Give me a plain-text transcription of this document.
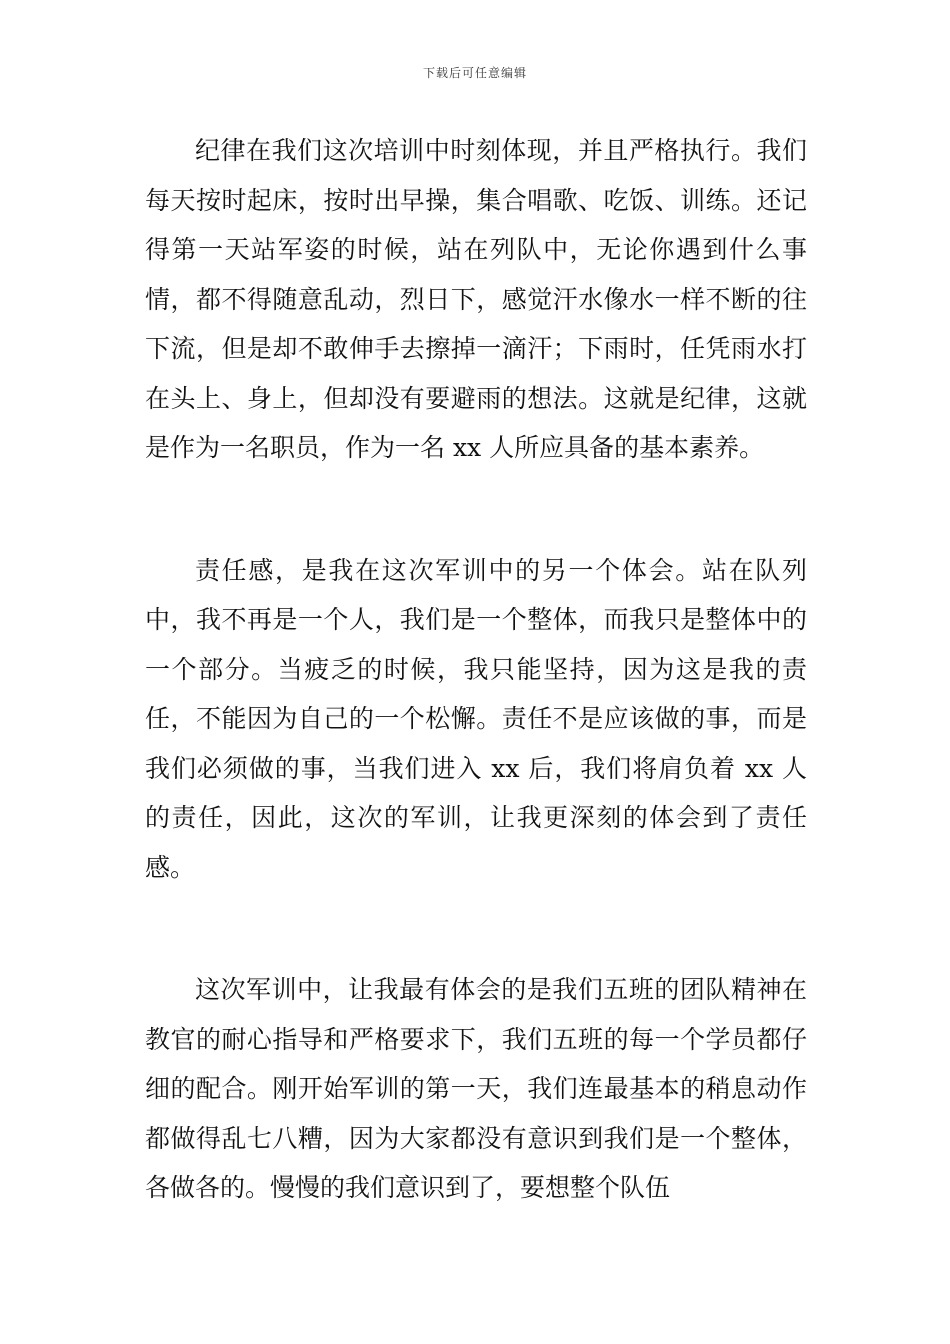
下载后可任意编辑

纪律在我们这次培训中时刻体现，并且严格执行。我们每天按时起床，按时出早操，集合唱歌、吃饭、训练。还记得第一天站军姿的时候，站在列队中，无论你遇到什么事情，都不得随意乱动，烈日下，感觉汗水像水一样不断的往下流，但是却不敢伸手去擦掉一滴汗；下雨时，任凭雨水打在头上、身上，但却没有要避雨的想法。这就是纪律，这就是作为一名职员，作为一名 xx 人所应具备的基本素养。

责任感，是我在这次军训中的另一个体会。站在队列中，我不再是一个人，我们是一个整体，而我只是整体中的一个部分。当疲乏的时候，我只能坚持，因为这是我的责任，不能因为自己的一个松懈。责任不是应该做的事，而是我们必须做的事，当我们进入 xx 后，我们将肩负着 xx 人的责任，因此，这次的军训，让我更深刻的体会到了责任感。

这次军训中，让我最有体会的是我们五班的团队精神在教官的耐心指导和严格要求下，我们五班的每一个学员都仔细的配合。刚开始军训的第一天，我们连最基本的稍息动作都做得乱七八糟，因为大家都没有意识到我们是一个整体，各做各的。慢慢的我们意识到了，要想整个队伍
